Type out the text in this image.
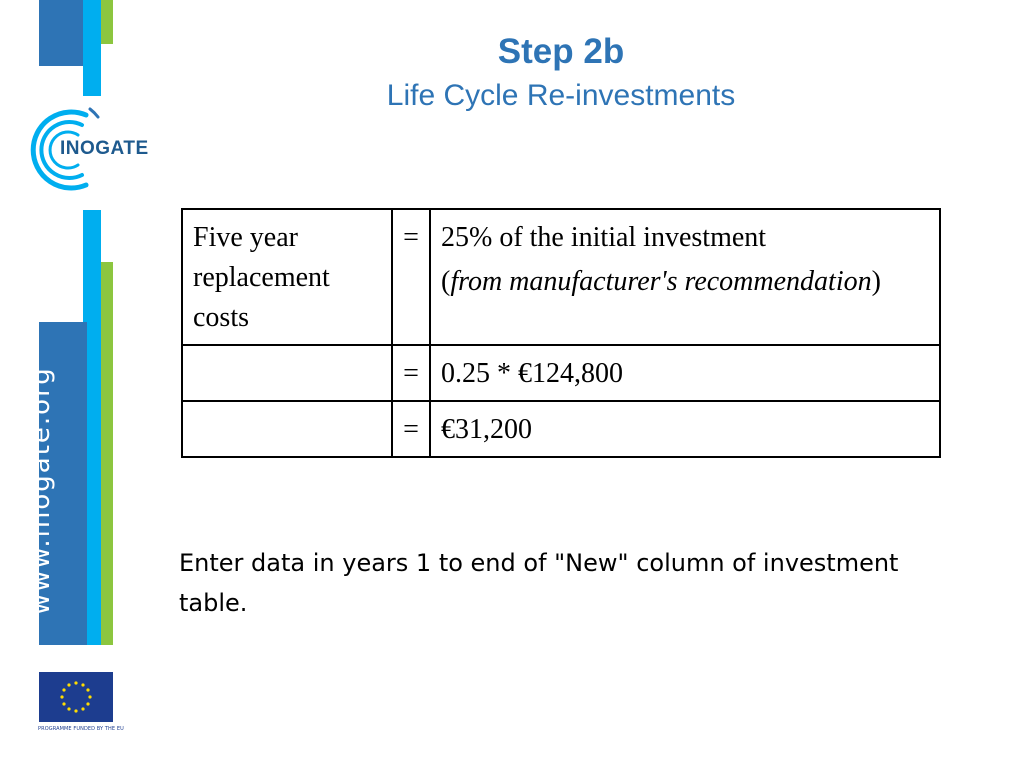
www.inogate.org
INOGATE
PROGRAMME FUNDED BY THE EU
Step 2b
Life Cycle Re-investments
Five year replacement costs	=	25% of the initial investment
(from manufacturer's recommendation)

	=	0.25 * €124,800
	=	€31,200
Enter data in years 1 to end of "New" column of investment table.
